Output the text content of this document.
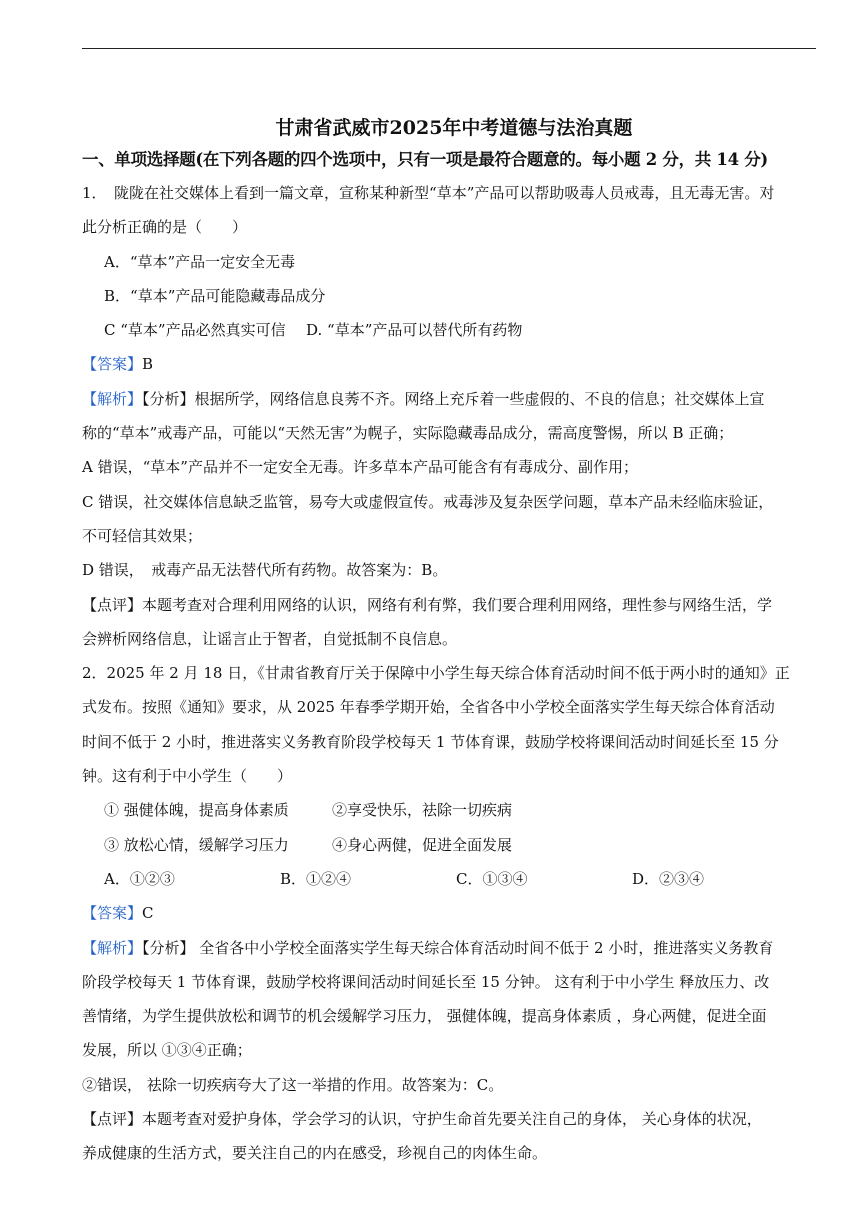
甘肃省武威市2025年中考道德与法治真题
一、单项选择题(在下列各题的四个选项中，只有一项是最符合题意的。每小题 2 分，共 14 分)
1．　陇陇在社交媒体上看到一篇文章，宣称某种新型“草本”产品可以帮助吸毒人员戒毒，且无毒无害。对
此分析正确的是（　　）
A．“草本”产品一定安全无毒
B．“草本”产品可能隐藏毒品成分
C “草本”产品必然真实可信	D. “草本”产品可以替代所有药物
【答案】B
【解析】【分析】根据所学，网络信息良莠不齐。网络上充斥着一些虚假的、不良的信息；社交媒体上宣
称的“草本”戒毒产品，可能以“天然无害”为幌子，实际隐藏毒品成分，需高度警惕，所以 B 正确；
A 错误，“草本”产品并不一定安全无毒。许多草本产品可能含有有毒成分、副作用；
C 错误，社交媒体信息缺乏监管，易夸大或虚假宣传。戒毒涉及复杂医学问题，草本产品未经临床验证，
不可轻信其效果；
D 错误，　戒毒产品无法替代所有药物。故答案为：B。
【点评】本题考查对合理利用网络的认识，网络有利有弊，我们要合理利用网络，理性参与网络生活，学
会辨析网络信息，让谣言止于智者，自觉抵制不良信息。
2．2025 年 2 月 18 日，《甘肃省教育厅关于保障中小学生每天综合体育活动时间不低于两小时的通知》正
式发布。按照《通知》要求，从 2025 年春季学期开始，全省各中小学校全面落实学生每天综合体育活动
时间不低于 2 小时，推进落实义务教育阶段学校每天 1 节体育课，鼓励学校将课间活动时间延长至 15 分
钟。这有利于中小学生（　　）
① 强健体魄，提高身体素质	②享受快乐，祛除一切疾病
③ 放松心情，缓解学习压力	④身心两健，促进全面发展
A．①②③	B．①②④	C．①③④	D．②③④
【答案】C
【解析】【分析】 全省各中小学校全面落实学生每天综合体育活动时间不低于 2 小时，推进落实义务教育
阶段学校每天 1 节体育课，鼓励学校将课间活动时间延长至 15 分钟。 这有利于中小学生 释放压力、改
善情绪，为学生提供放松和调节的机会缓解学习压力， 强健体魄，提高身体素质 ，身心两健，促进全面
发展，所以 ①③④正确；
②错误， 祛除一切疾病夸大了这一举措的作用。故答案为：C。
【点评】本题考查对爱护身体，学会学习的认识，守护生命首先要关注自己的身体， 关心身体的状况，
养成健康的生活方式，要关注自己的内在感受，珍视自己的肉体生命。
